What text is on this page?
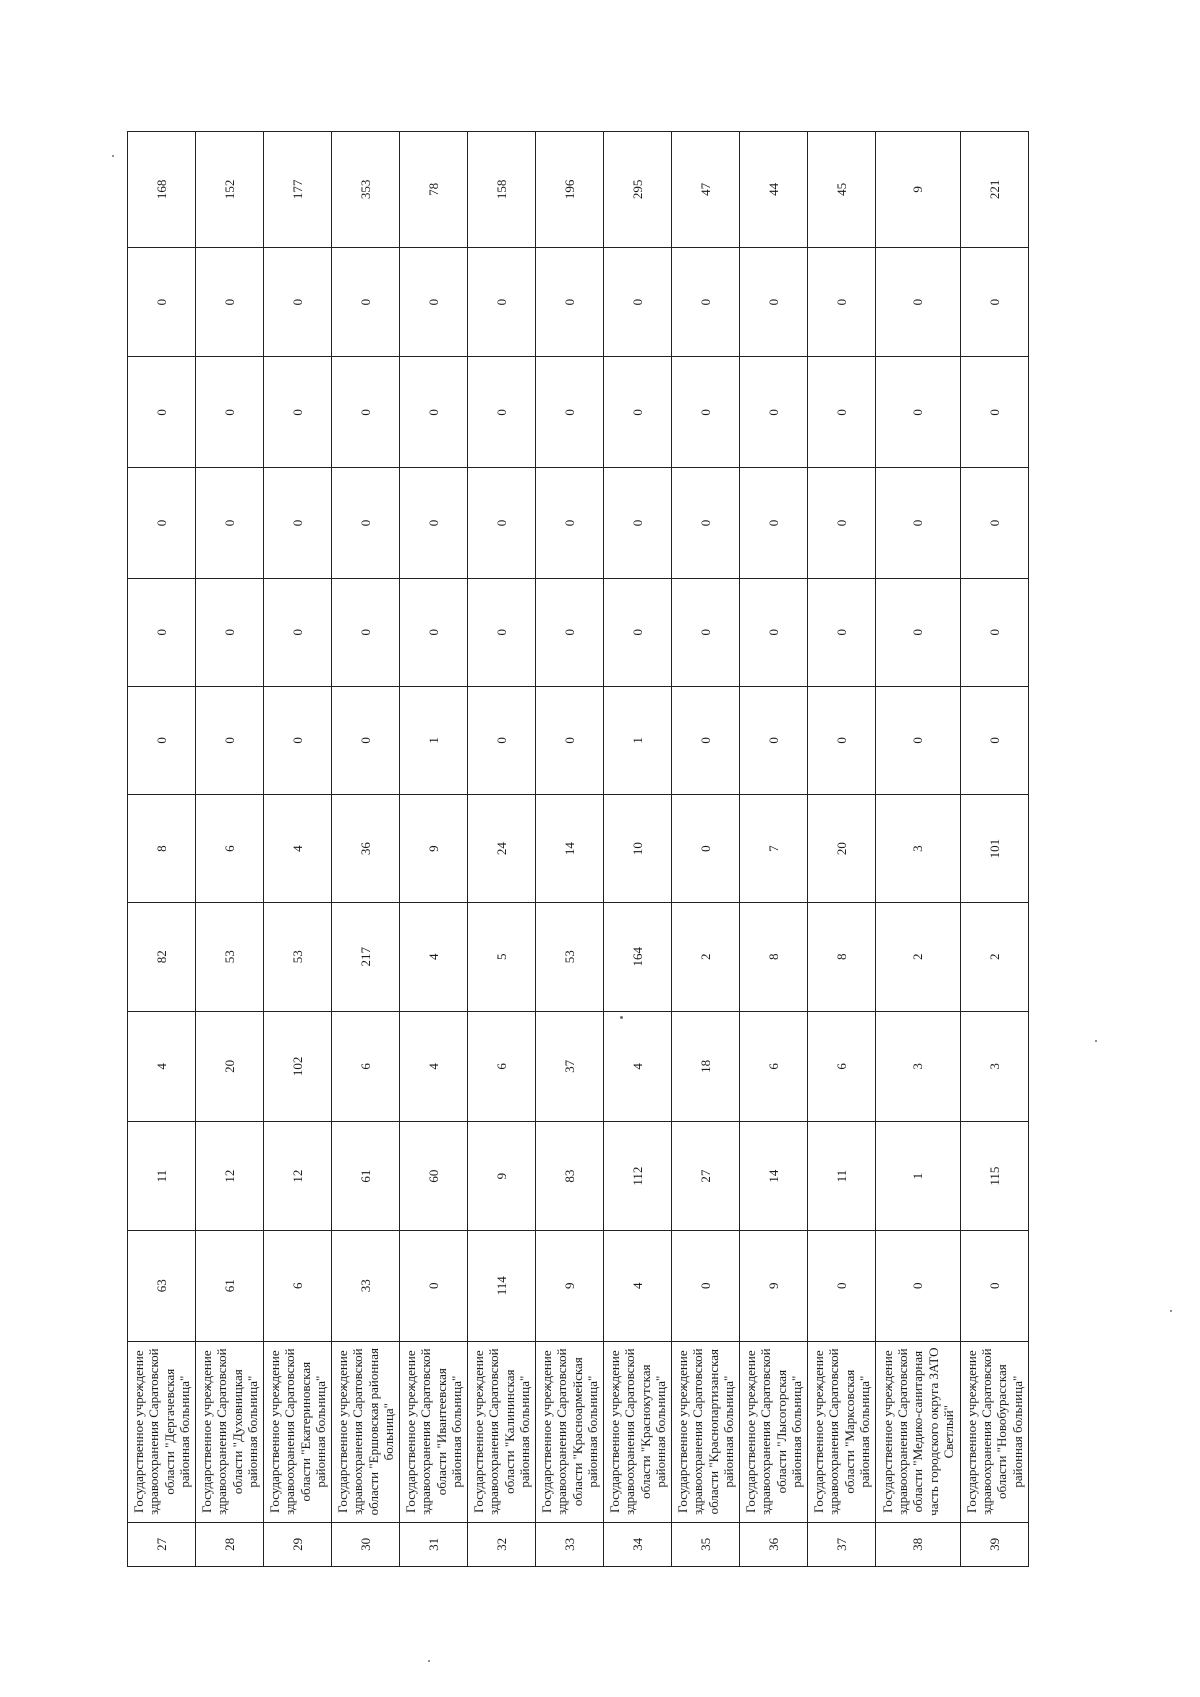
27	Государственное учреждение здравоохранения Саратовской области "Дергачевская районная больница"	63	11	4	82	8	0	0	0	0	0	168
28	Государственное учреждение здравоохранения Саратовской области "Духовницкая районная больница"	61	12	20	53	6	0	0	0	0	0	152
29	Государственное учреждение здравоохранения Саратовской области "Екатериновская районная больница"	6	12	102	53	4	0	0	0	0	0	177
30	Государственное учреждение здравоохранения Саратовской области "Ершовская районная больница"	33	61	6	217	36	0	0	0	0	0	353
31	Государственное учреждение здравоохранения Саратовской области "Ивантеевская районная больница"	0	60	4	4	9	1	0	0	0	0	78
32	Государственное учреждение здравоохранения Саратовской области "Калининская районная больница"	114	9	6	5	24	0	0	0	0	0	158
33	Государственное учреждение здравоохранения Саратовской области "Красноармейская районная больница"	9	83	37	53	14	0	0	0	0	0	196
34	Государственное учреждение здравоохранения Саратовской области "Краснокутская районная больница"	4	112	4	164	10	1	0	0	0	0	295
35	Государственное учреждение здравоохранения Саратовской области "Краснопартизанская районная больница"	0	27	18	2	0	0	0	0	0	0	47
36	Государственное учреждение здравоохранения Саратовской области "Лысогорская районная больница"	9	14	6	8	7	0	0	0	0	0	44
37	Государственное учреждение здравоохранения Саратовской области "Марксовская районная больница"	0	11	6	8	20	0	0	0	0	0	45
38	Государственное учреждение здравоохранения Саратовской области "Медико-санитарная часть городского округа ЗАТО Светлый"	0	1	3	2	3	0	0	0	0	0	9
39	Государственное учреждение здравоохранения Саратовской области "Новобурасская районная больница"	0	115	3	2	101	0	0	0	0	0	221
